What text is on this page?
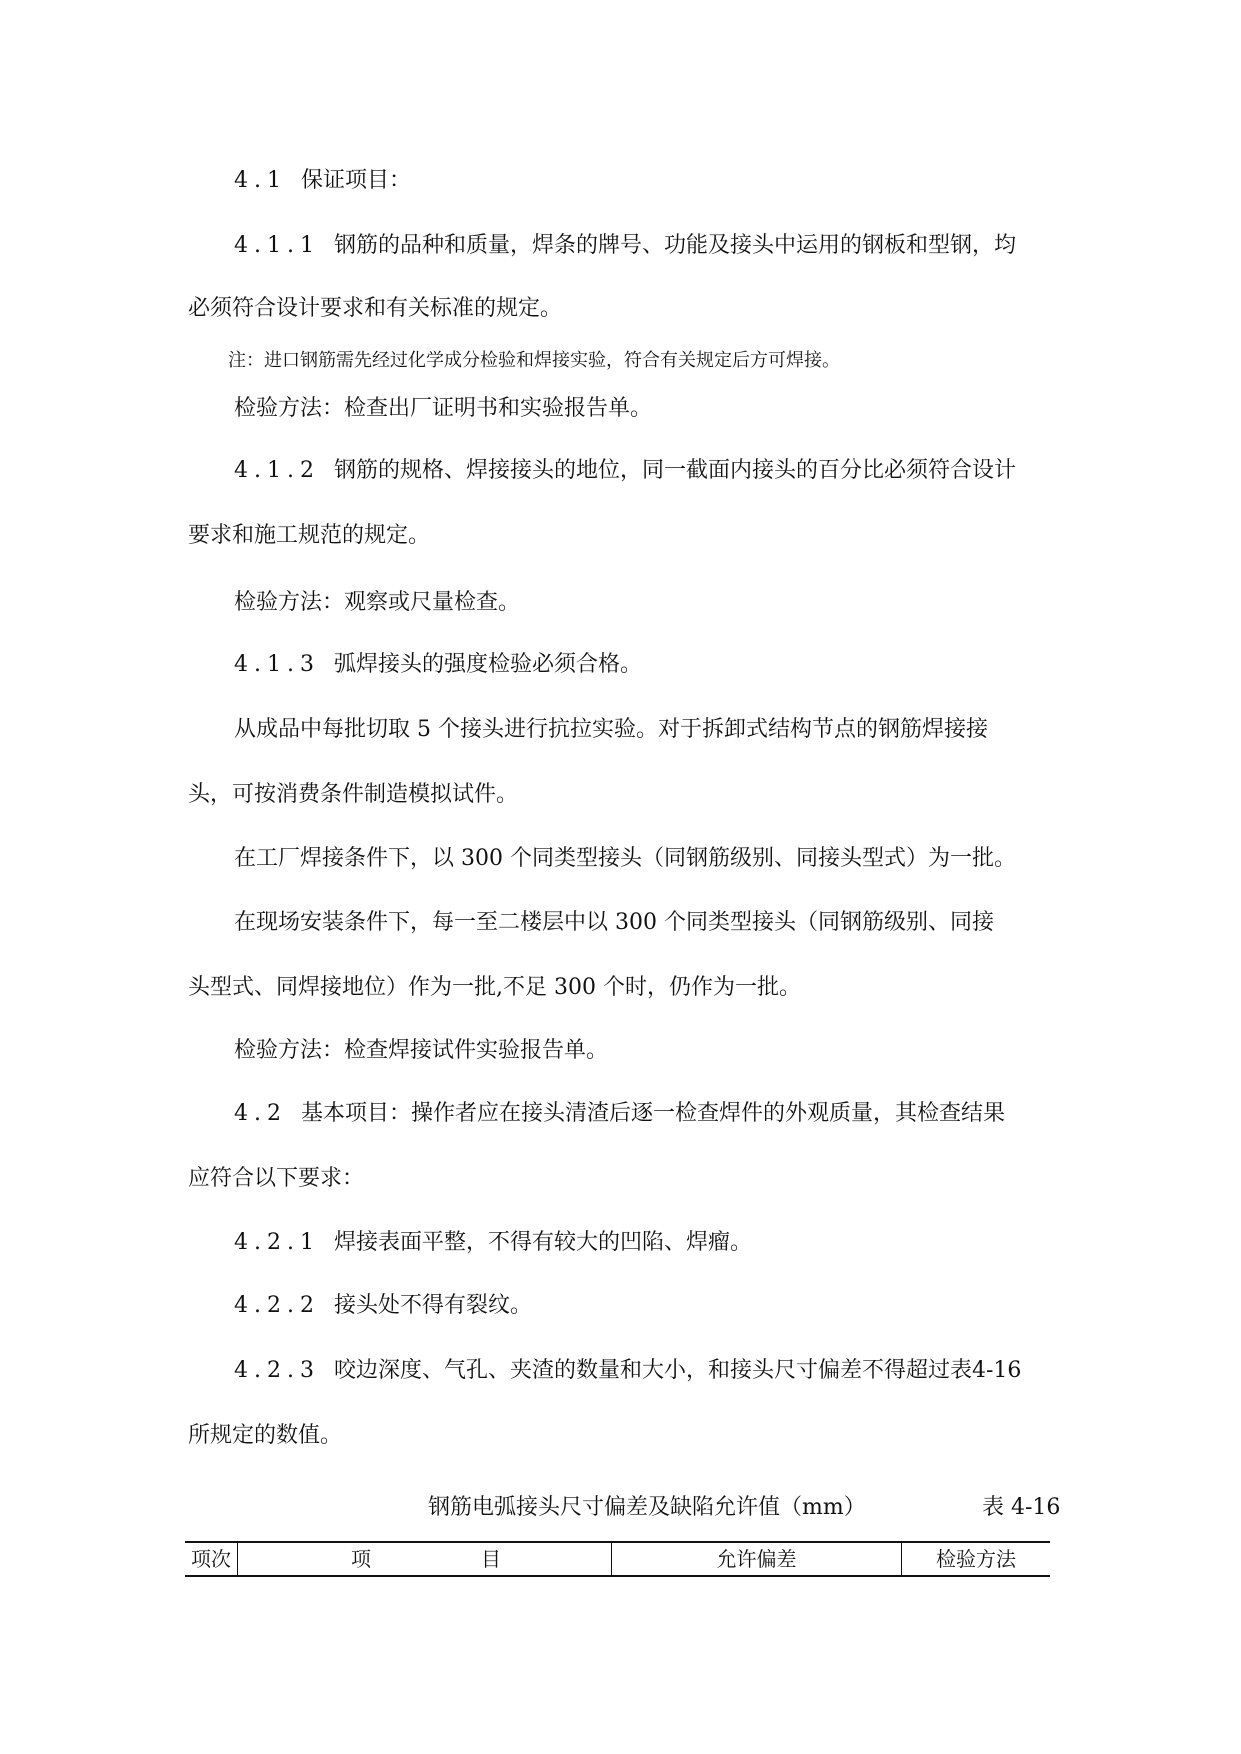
4.1 保证项目：
4.1.1 钢筋的品种和质量，焊条的牌号、功能及接头中运用的钢板和型钢，均
必须符合设计要求和有关标准的规定。
注：进口钢筋需先经过化学成分检验和焊接实验，符合有关规定后方可焊接。
检验方法：检查出厂证明书和实验报告单。
4.1.2 钢筋的规格、焊接接头的地位，同一截面内接头的百分比必须符合设计
要求和施工规范的规定。
检验方法：观察或尺量检查。
4.1.3 弧焊接头的强度检验必须合格。
从成品中每批切取 5 个接头进行抗拉实验。对于拆卸式结构节点的钢筋焊接接
头，可按消费条件制造模拟试件。
在工厂焊接条件下，以 300 个同类型接头（同钢筋级别、同接头型式）为一批。
在现场安装条件下，每一至二楼层中以 300 个同类型接头（同钢筋级别、同接
头型式、同焊接地位）作为一批,不足 300 个时，仍作为一批。
检验方法：检查焊接试件实验报告单。
4.2 基本项目：操作者应在接头清渣后逐一检查焊件的外观质量，其检查结果
应符合以下要求：
4.2.1 焊接表面平整，不得有较大的凹陷、焊瘤。
4.2.2 接头处不得有裂纹。
4.2.3 咬边深度、气孔、夹渣的数量和大小，和接头尺寸偏差不得超过表4-16
所规定的数值。
钢筋电弧接头尺寸偏差及缺陷允许值（mm）	表 4-16
项次	项	目	允许偏差	检验方法
